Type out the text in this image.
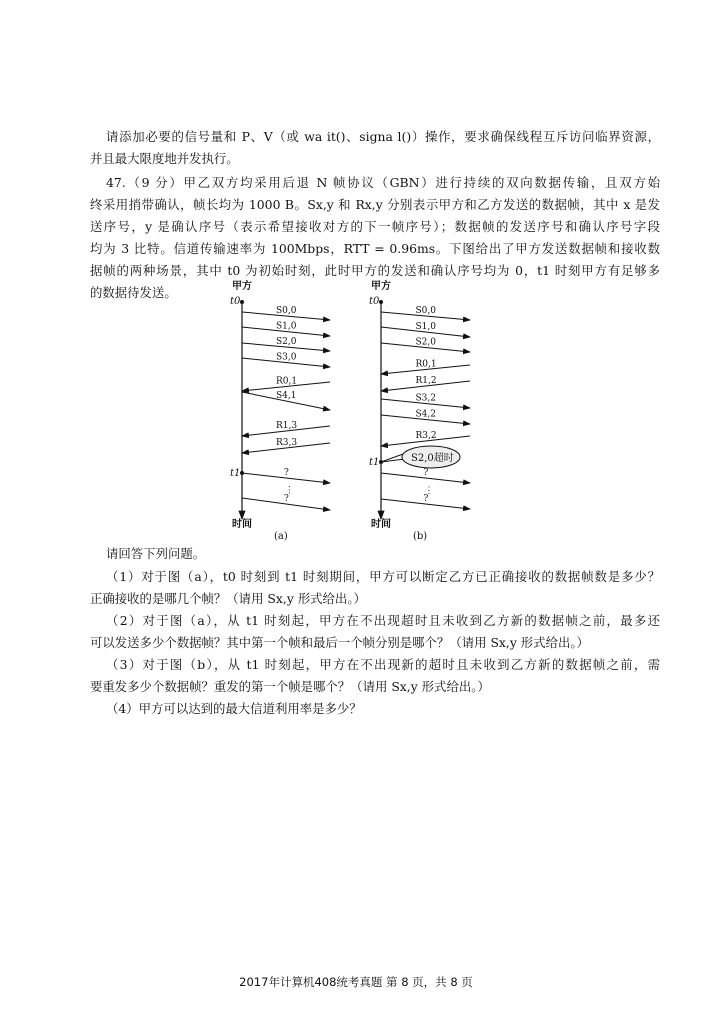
请添加必要的信号量和 P、V（或 wa it()、signa l()）操作，要求确保线程互斥访问临界资源，
并且最大限度地并发执行。
47.（9 分）甲乙双方均采用后退 N 帧协议（GBN）进行持续的双向数据传输，且双方始
终采用捎带确认，帧长均为 1000 B。Sx,y 和 Rx,y 分别表示甲方和乙方发送的数据帧，其中 x 是发
送序号，y 是确认序号（表示希望接收对方的下一帧序号）；数据帧的发送序号和确认序号字段
均为 3 比特。信道传输速率为 100Mbps，RTT = 0.96ms。下图给出了甲方发送数据帧和接收数
据帧的两种场景，其中 t0 为初始时刻，此时甲方的发送和确认序号均为 0，t1 时刻甲方有足够多
的数据待发送。	甲方
t0
t1
时间
(a)
S0,0
S1,0
S2,0
S3,0
R0,1
S4,1
R1,3
R3,3
?
?
⋮
甲方
t0
t1
时间
(b)
S0,0
S1,0
S2,0
R0,1
R1,2
S3,2
S4,2
R3,2
?
?
⋮
S2,0超时
请回答下列问题。
（1）对于图（a），t0 时刻到 t1 时刻期间，甲方可以断定乙方已正确接收的数据帧数是多少？
正确接收的是哪几个帧？（请用 Sx,y 形式给出。）
（2）对于图（a），从 t1 时刻起，甲方在不出现超时且未收到乙方新的数据帧之前，最多还
可以发送多少个数据帧？其中第一个帧和最后一个帧分别是哪个？（请用 Sx,y 形式给出。）
（3）对于图（b），从 t1 时刻起，甲方在不出现新的超时且未收到乙方新的数据帧之前，需
要重发多少个数据帧？重发的第一个帧是哪个？（请用 Sx,y 形式给出。）
（4）甲方可以达到的最大信道利用率是多少？
2017年计算机408统考真题 第 8 页，共 8 页
